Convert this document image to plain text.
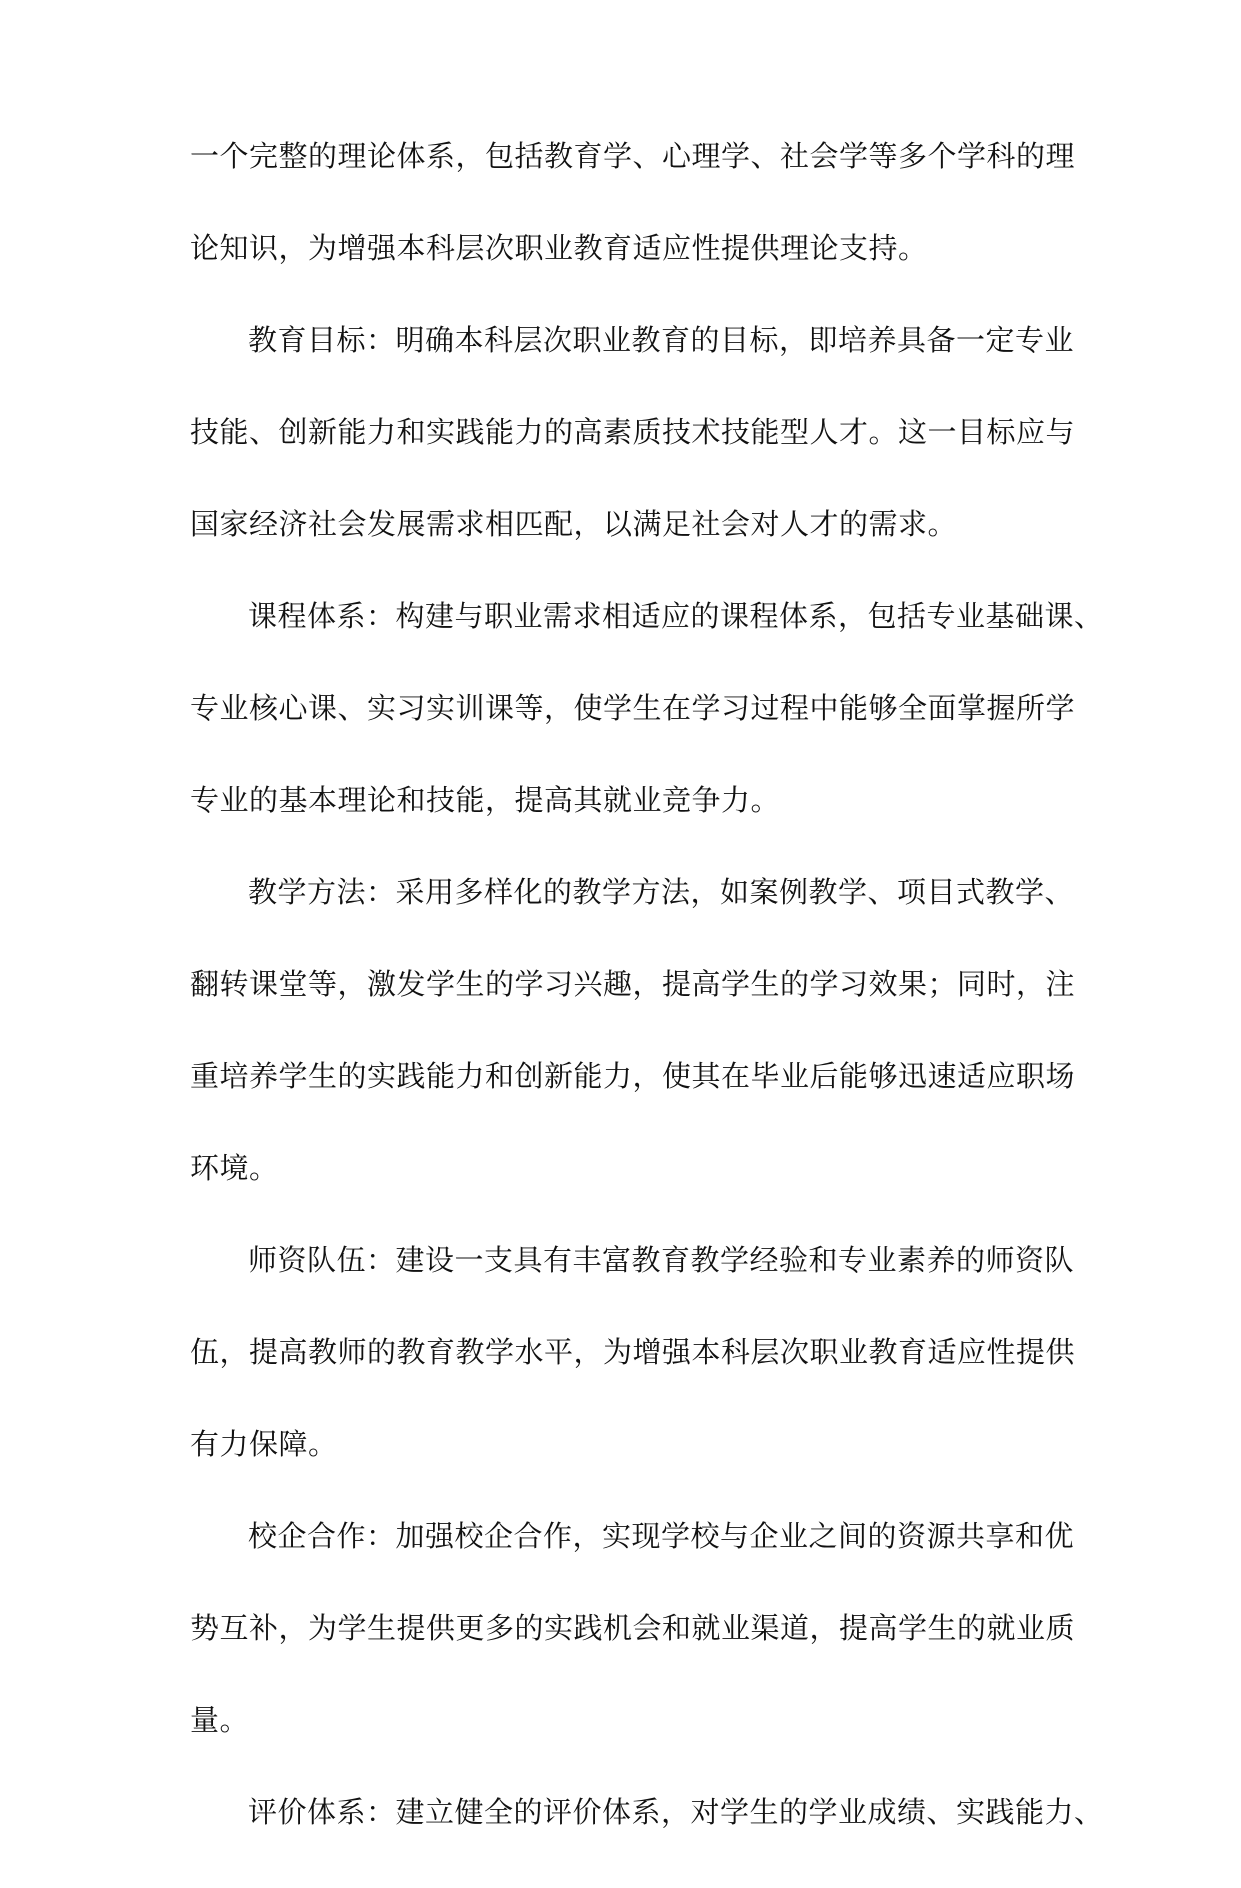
一个完整的理论体系，包括教育学、心理学、社会学等多个学科的理
论知识，为增强本科层次职业教育适应性提供理论支持。
教育目标：明确本科层次职业教育的目标，即培养具备一定专业
技能、创新能力和实践能力的高素质技术技能型人才。这一目标应与
国家经济社会发展需求相匹配，以满足社会对人才的需求。
课程体系：构建与职业需求相适应的课程体系，包括专业基础课、
专业核心课、实习实训课等，使学生在学习过程中能够全面掌握所学
专业的基本理论和技能，提高其就业竞争力。
教学方法：采用多样化的教学方法，如案例教学、项目式教学、
翻转课堂等，激发学生的学习兴趣，提高学生的学习效果；同时，注
重培养学生的实践能力和创新能力，使其在毕业后能够迅速适应职场
环境。
师资队伍：建设一支具有丰富教育教学经验和专业素养的师资队
伍，提高教师的教育教学水平，为增强本科层次职业教育适应性提供
有力保障。
校企合作：加强校企合作，实现学校与企业之间的资源共享和优
势互补，为学生提供更多的实践机会和就业渠道，提高学生的就业质
量。
评价体系：建立健全的评价体系，对学生的学业成绩、实践能力、
